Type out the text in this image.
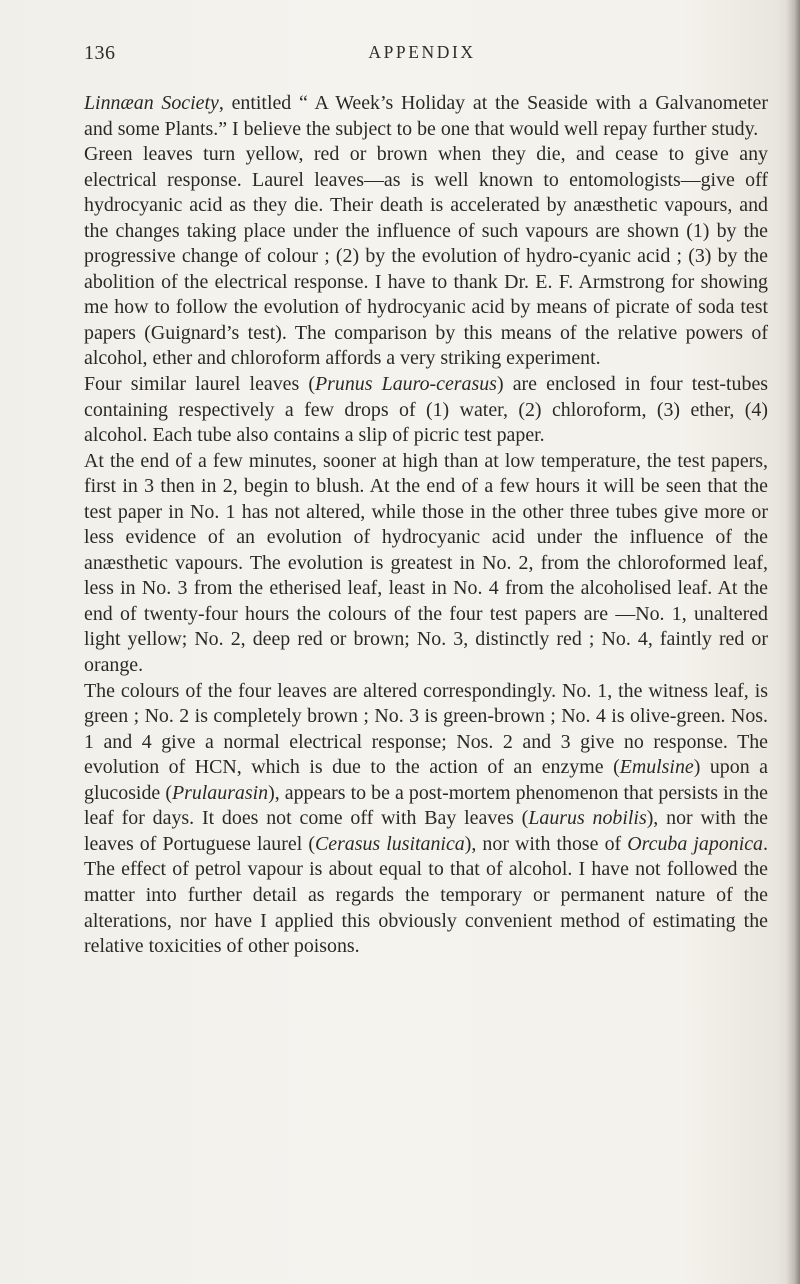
136	APPENDIX

Linnæan Society, entitled “ A Week’s Holiday at the Seaside with a Galvanometer and some Plants.” I believe the subject to be one that would well repay further study.

Green leaves turn yellow, red or brown when they die, and cease to give any electrical response. Laurel leaves—as is well known to entomologists—give off hydrocyanic acid as they die. Their death is accelerated by anæsthetic vapours, and the changes taking place under the influence of such vapours are shown (1) by the progressive change of colour ; (2) by the evolution of hydro-cyanic acid ; (3) by the abolition of the electrical response. I have to thank Dr. E. F. Armstrong for showing me how to follow the evolution of hydrocyanic acid by means of picrate of soda test papers (Guignard’s test). The comparison by this means of the relative powers of alcohol, ether and chloroform affords a very striking experiment.

Four similar laurel leaves (Prunus Lauro-cerasus) are enclosed in four test-tubes containing respectively a few drops of (1) water, (2) chloroform, (3) ether, (4) alcohol. Each tube also contains a slip of picric test paper.

At the end of a few minutes, sooner at high than at low temperature, the test papers, first in 3 then in 2, begin to blush. At the end of a few hours it will be seen that the test paper in No. 1 has not altered, while those in the other three tubes give more or less evidence of an evolution of hydrocyanic acid under the influence of the anæsthetic vapours. The evolution is greatest in No. 2, from the chloroformed leaf, less in No. 3 from the etherised leaf, least in No. 4 from the alcoholised leaf. At the end of twenty-four hours the colours of the four test papers are —No. 1, unaltered light yellow; No. 2, deep red or brown; No. 3, distinctly red ; No. 4, faintly red or orange.

The colours of the four leaves are altered correspondingly. No. 1, the witness leaf, is green ; No. 2 is completely brown ; No. 3 is green-brown ; No. 4 is olive-green. Nos. 1 and 4 give a normal electrical response; Nos. 2 and 3 give no response. The evolution of HCN, which is due to the action of an enzyme (Emulsine) upon a glucoside (Prulaurasin), appears to be a post-mortem phenomenon that persists in the leaf for days. It does not come off with Bay leaves (Laurus nobilis), nor with the leaves of Portuguese laurel (Cerasus lusitanica), nor with those of Orcuba japonica. The effect of petrol vapour is about equal to that of alcohol. I have not followed the matter into further detail as regards the temporary or permanent nature of the alterations, nor have I applied this obviously convenient method of estimating the relative toxicities of other poisons.
